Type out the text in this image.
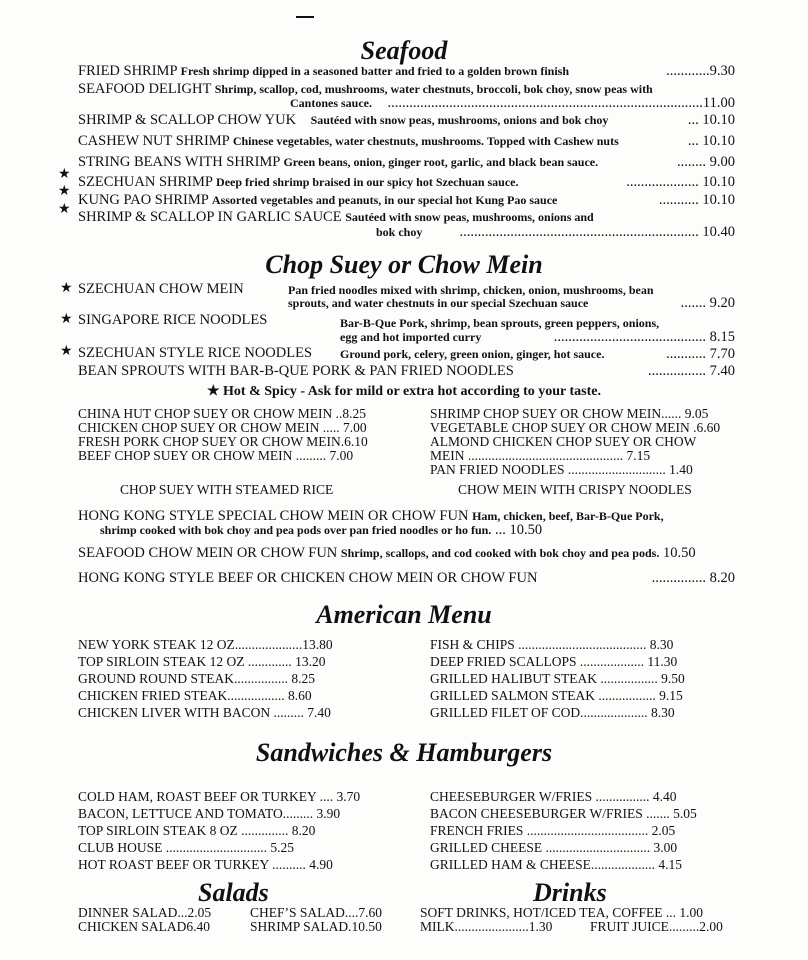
Seafood
FRIED SHRIMP Fresh shrimp dipped in a seasoned batter and fried to a golden brown finish	............9.30
SEAFOOD DELIGHT Shrimp, scallop, cod, mushrooms, water chestnuts, broccoli, bok choy, snow peas with
Cantones sauce.	.......................................................................................11.00
SHRIMP & SCALLOP CHOW YUK Sautéed with snow peas, mushrooms, onions and bok choy	... 10.10
CASHEW NUT SHRIMP Chinese vegetables, water chestnuts, mushrooms. Topped with Cashew nuts	... 10.10
STRING BEANS WITH SHRIMP Green beans, onion, ginger root, garlic, and black bean sauce.	........ 9.00
★ SZECHUAN SHRIMP Deep fried shrimp braised in our spicy hot Szechuan sauce.	.................... 10.10
★
KUNG PAO SHRIMP Assorted vegetables and peanuts, in our special hot Kung Pao sauce	........... 10.10
★ SHRIMP & SCALLOP IN GARLIC SAUCE Sautéed with snow peas, mushrooms, onions and
bok choy	.................................................................. 10.40
Chop Suey or Chow Mein
★ SZECHUAN CHOW MEIN	Pan fried noodles mixed with shrimp, chicken, onion, mushrooms, bean
sprouts, and water chestnuts in our special Szechuan sauce	....... 9.20
★ SINGAPORE RICE NOODLES	Bar-B-Que Pork, shrimp, bean sprouts, green peppers, onions,
egg and hot imported curry	.......................................... 8.15
★ SZECHUAN STYLE RICE NOODLES Ground pork, celery, green onion, ginger, hot sauce.	........... 7.70
BEAN SPROUTS WITH BAR-B-QUE PORK & PAN FRIED NOODLES	................ 7.40
★ Hot & Spicy - Ask for mild or extra hot according to your taste.
CHINA HUT CHOP SUEY OR CHOW MEIN ..8.25
CHICKEN CHOP SUEY OR CHOW MEIN ..... 7.00
FRESH PORK CHOP SUEY OR CHOW MEIN.6.10
BEEF CHOP SUEY OR CHOW MEIN ......... 7.00
SHRIMP CHOP SUEY OR CHOW MEIN...... 9.05
VEGETABLE CHOP SUEY OR CHOW MEIN .6.60
ALMOND CHICKEN CHOP SUEY OR CHOW
MEIN .............................................. 7.15
PAN FRIED NOODLES ............................. 1.40
CHOP SUEY WITH STEAMED RICE	CHOW MEIN WITH CRISPY NOODLES
HONG KONG STYLE SPECIAL CHOW MEIN OR CHOW FUN Ham, chicken, beef, Bar-B-Que Pork,
shrimp cooked with bok choy and pea pods over pan fried noodles or ho fun. ... 10.50
SEAFOOD CHOW MEIN OR CHOW FUN Shrimp, scallops, and cod cooked with bok choy and pea pods. 10.50
HONG KONG STYLE BEEF OR CHICKEN CHOW MEIN OR CHOW FUN	............... 8.20
American Menu
NEW YORK STEAK 12 OZ....................13.80
TOP SIRLOIN STEAK 12 OZ ............. 13.20
GROUND ROUND STEAK................ 8.25
CHICKEN FRIED STEAK................. 8.60
CHICKEN LIVER WITH BACON ......... 7.40
FISH & CHIPS ...................................... 8.30
DEEP FRIED SCALLOPS ................... 11.30
GRILLED HALIBUT STEAK ................. 9.50
GRILLED SALMON STEAK ................. 9.15
GRILLED FILET OF COD.................... 8.30
Sandwiches & Hamburgers
COLD HAM, ROAST BEEF OR TURKEY .... 3.70
BACON, LETTUCE AND TOMATO......... 3.90
TOP SIRLOIN STEAK 8 OZ .............. 8.20
CLUB HOUSE .............................. 5.25
HOT ROAST BEEF OR TURKEY .......... 4.90
CHEESEBURGER W/FRIES ................ 4.40
BACON CHEESEBURGER W/FRIES ....... 5.05
FRENCH FRIES .................................... 2.05
GRILLED CHEESE ............................... 3.00
GRILLED HAM & CHEESE................... 4.15
Salads	Drinks
DINNER SALAD...2.05	CHEF’S SALAD....7.60
CHICKEN SALAD6.40	SHRIMP SALAD.10.50
SOFT DRINKS, HOT/ICED TEA, COFFEE ... 1.00
MILK......................1.30	FRUIT JUICE.........2.00
